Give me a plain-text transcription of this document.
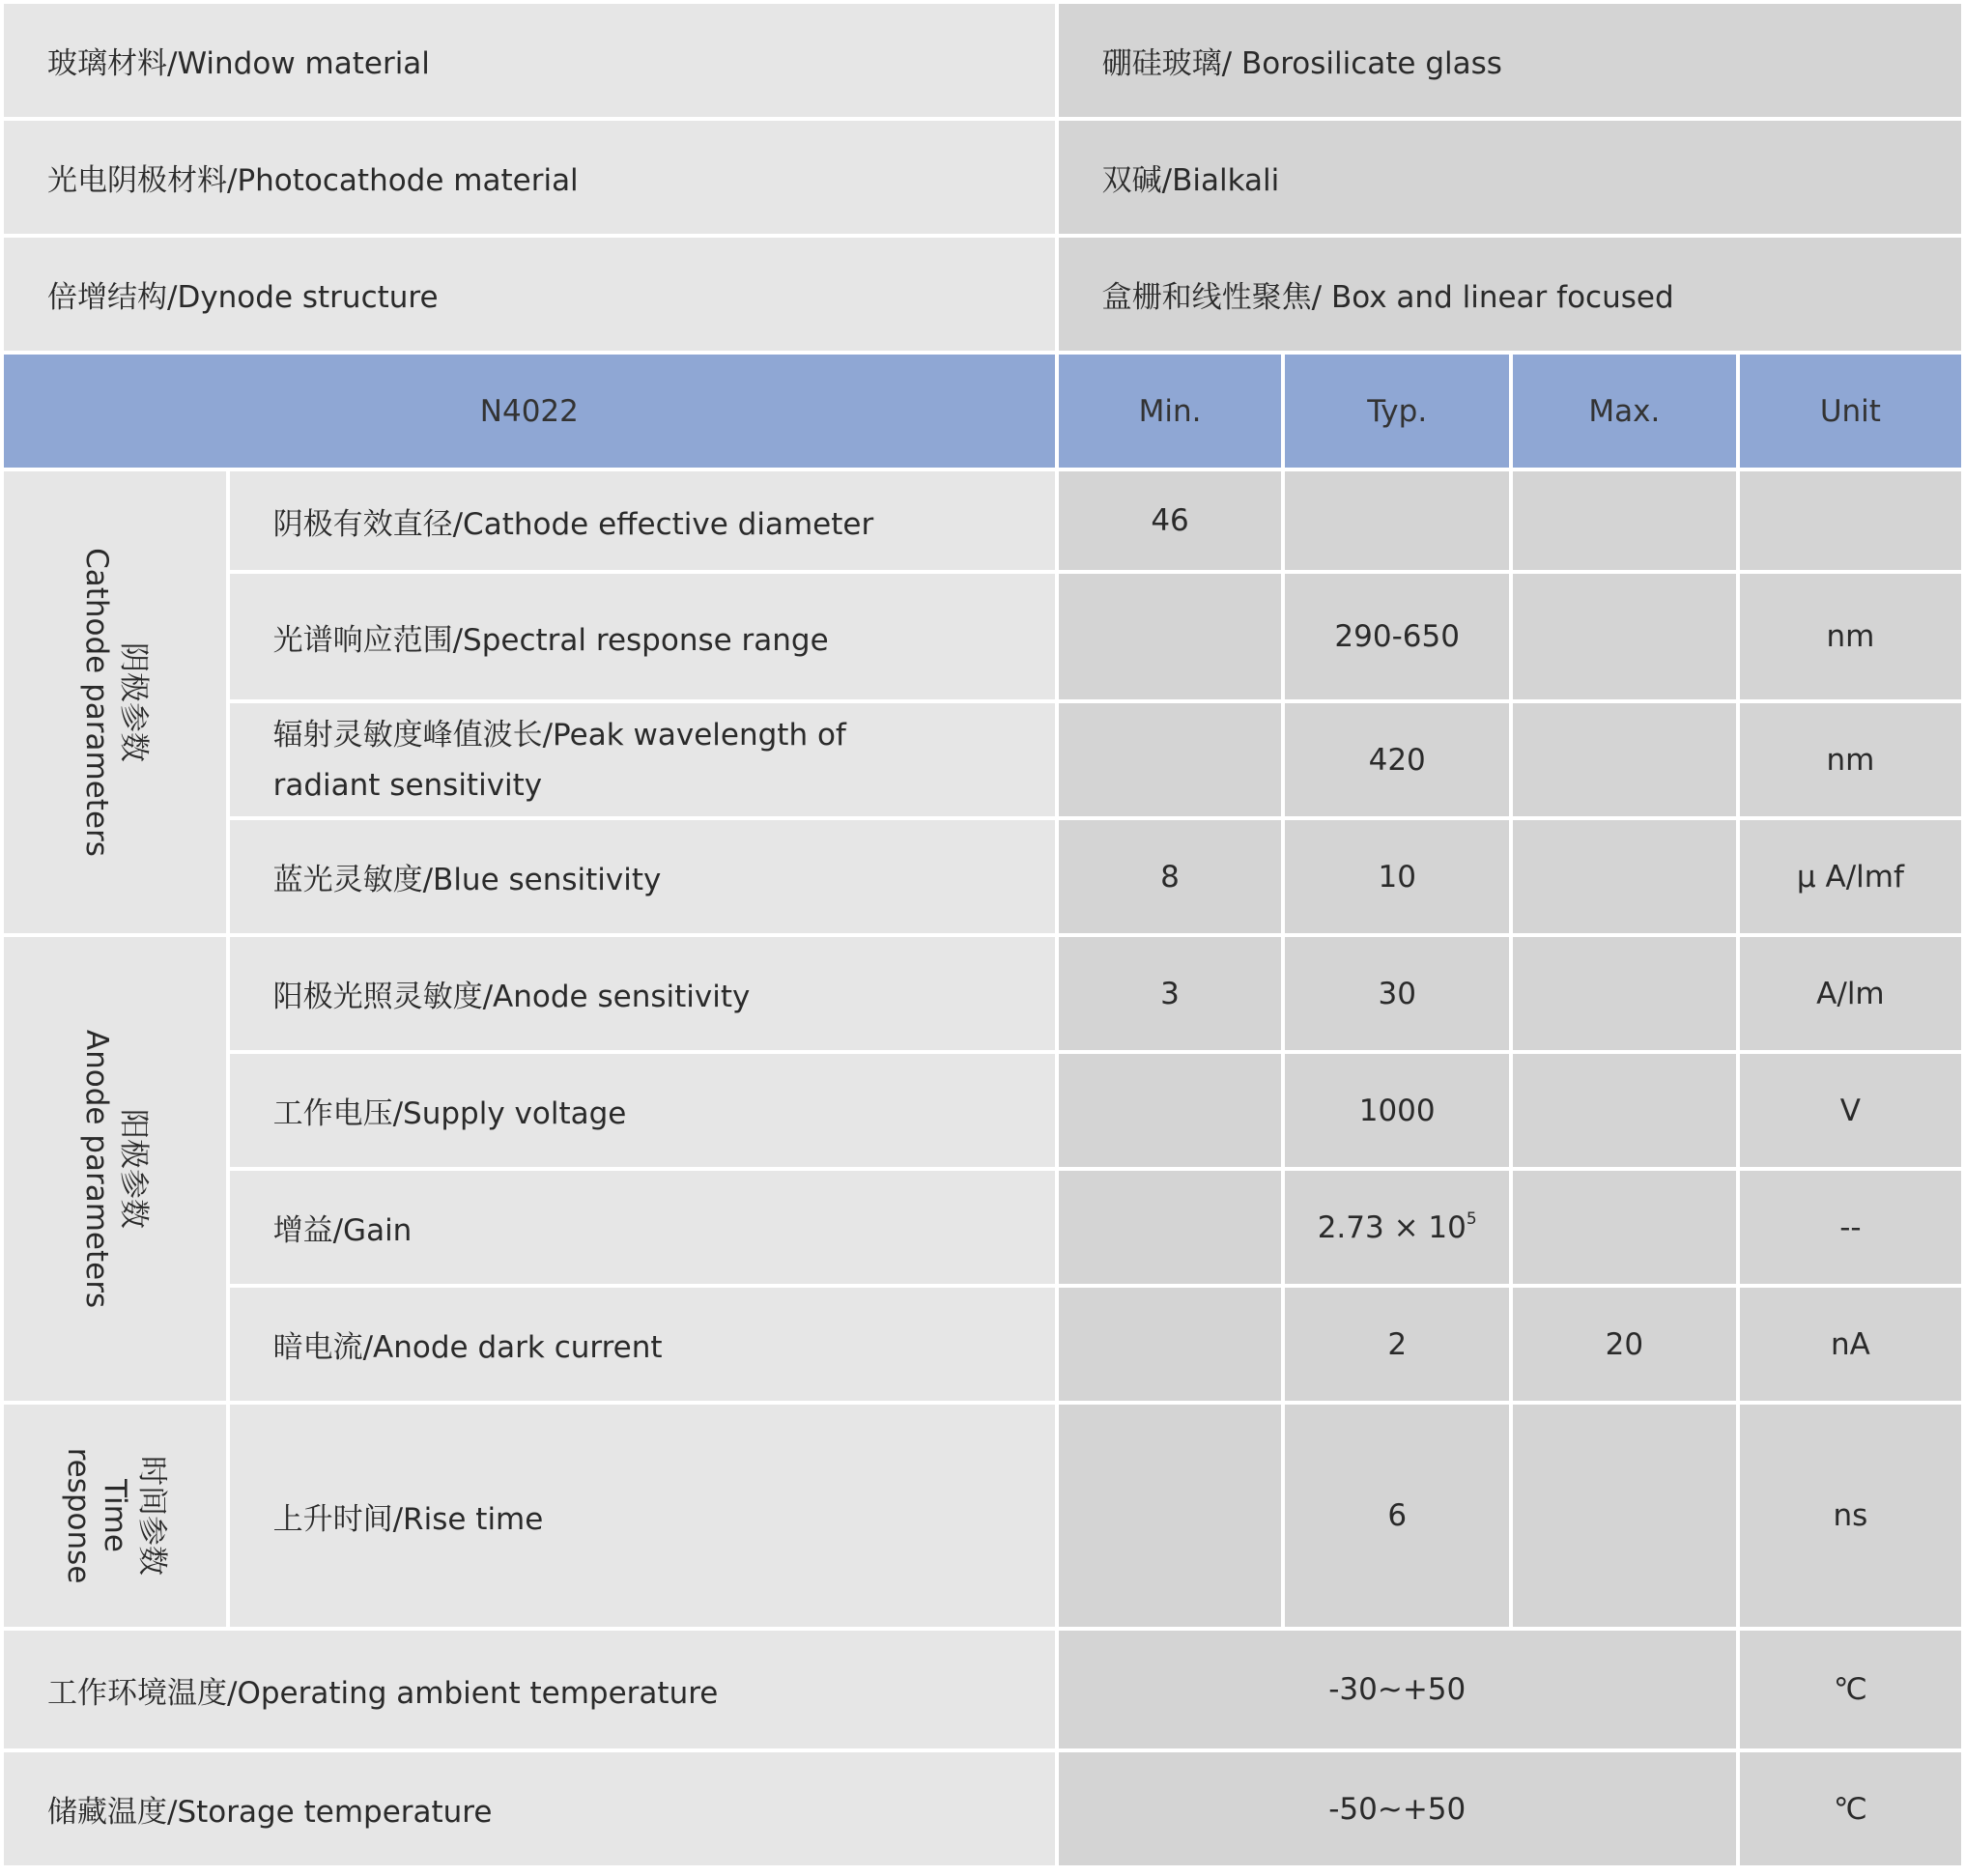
玻璃材料/Window material		硼硅玻璃/ Borosilicate glass			
光电阴极材料/Photocathode material		双碱/Bialkali			
倍增结构/Dynode structure		盒栅和线性聚焦/ Box and linear focused			
N4022		Min.	Typ.	Max.	Unit

阴极参数
Cathode parameters	阴极有效直径/Cathode effective diameter	46			
	光谱响应范围/Spectral response range		290-650		nm
	辐射灵敏度峰值波长/Peak wavelength of
radiant sensitivity		420		nm
	蓝光灵敏度/Blue sensitivity	8	10		μ A/lmf

阳极参数
Anode parameters	阳极光照灵敏度/Anode sensitivity	3	30		A/lm
	工作电压/Supply voltage		1000		V
	增益/Gain		$2.73 \times 10^5$		--
	暗电流/Anode dark current		2	20	nA

时间参数
Time
response	上升时间/Rise time		6		ns
工作环境温度/Operating ambient temperature		-30~+50			℃
储藏温度/Storage temperature		-50~+50			℃
